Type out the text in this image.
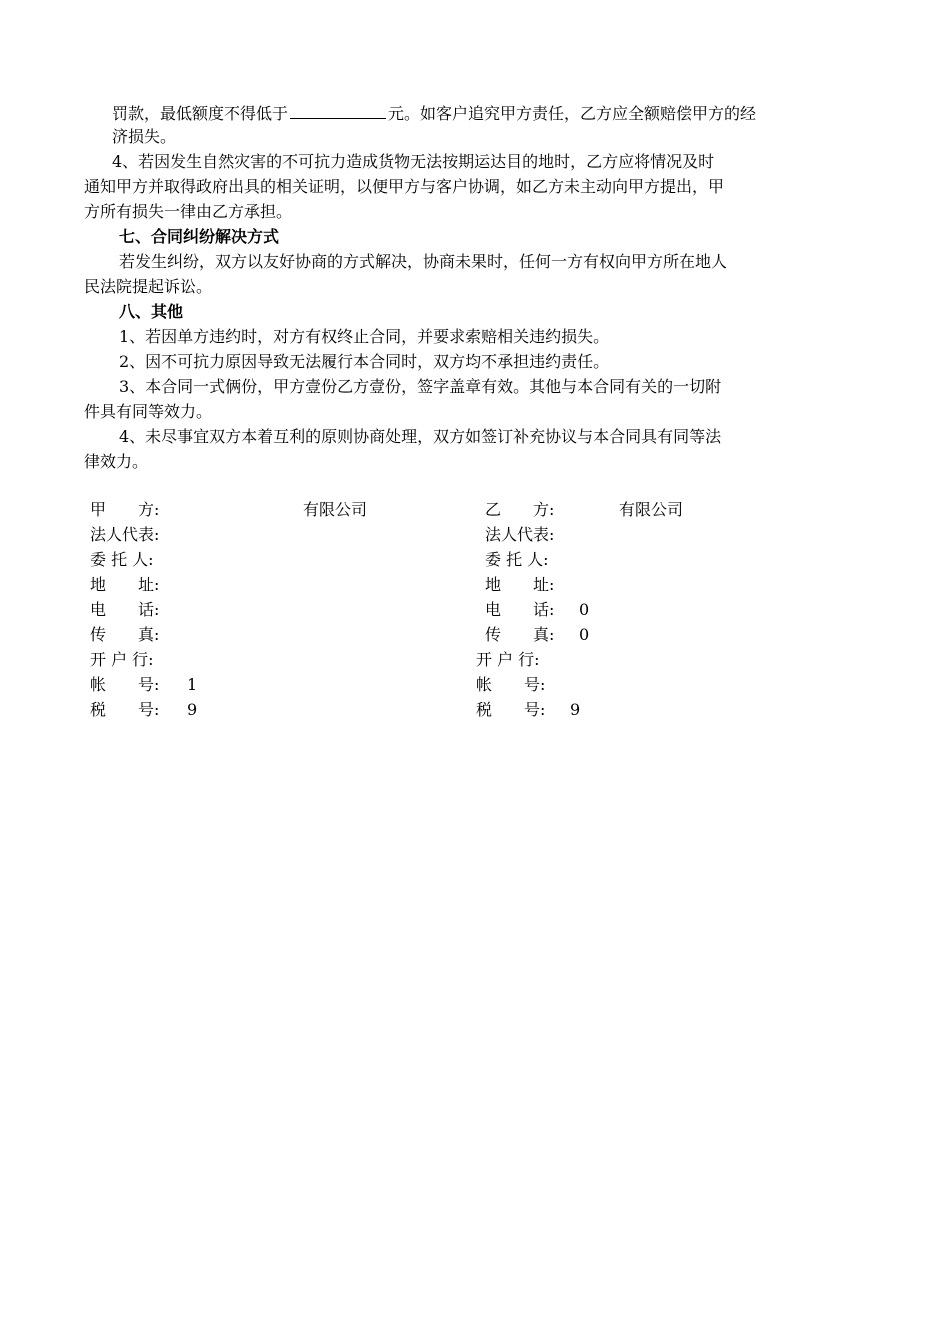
罚款，最低额度不得低于	元。如客户追究甲方责任，乙方应全额赔偿甲方的经
济损失。
4、若因发生自然灾害的不可抗力造成货物无法按期运达目的地时，乙方应将情况及时
通知甲方并取得政府出具的相关证明，以便甲方与客户协调，如乙方未主动向甲方提出，甲
方所有损失一律由乙方承担。
七、合同纠纷解决方式
若发生纠纷，双方以友好协商的方式解决，协商未果时，任何一方有权向甲方所在地人
民法院提起诉讼。
八、其他
1、若因单方违约时，对方有权终止合同，并要求索赔相关违约损失。
2、因不可抗力原因导致无法履行本合同时，双方均不承担违约责任。
3、本合同一式俩份，甲方壹份乙方壹份，签字盖章有效。其他与本合同有关的一切附
件具有同等效力。
4、未尽事宜双方本着互利的原则协商处理，双方如签订补充协议与本合同具有同等法
律效力。
甲　　方:	有限公司
法人代表:
委 托 人:
地　　址:
电　　话:
传　　真:
开 户 行:
帐　　号: 1
税　　号: 9
乙　　方:	有限公司
法人代表:
委 托 人:
地　　址:
电　　话: 0
传　　真: 0
开 户 行:
帐　　号:
税　　号: 9
